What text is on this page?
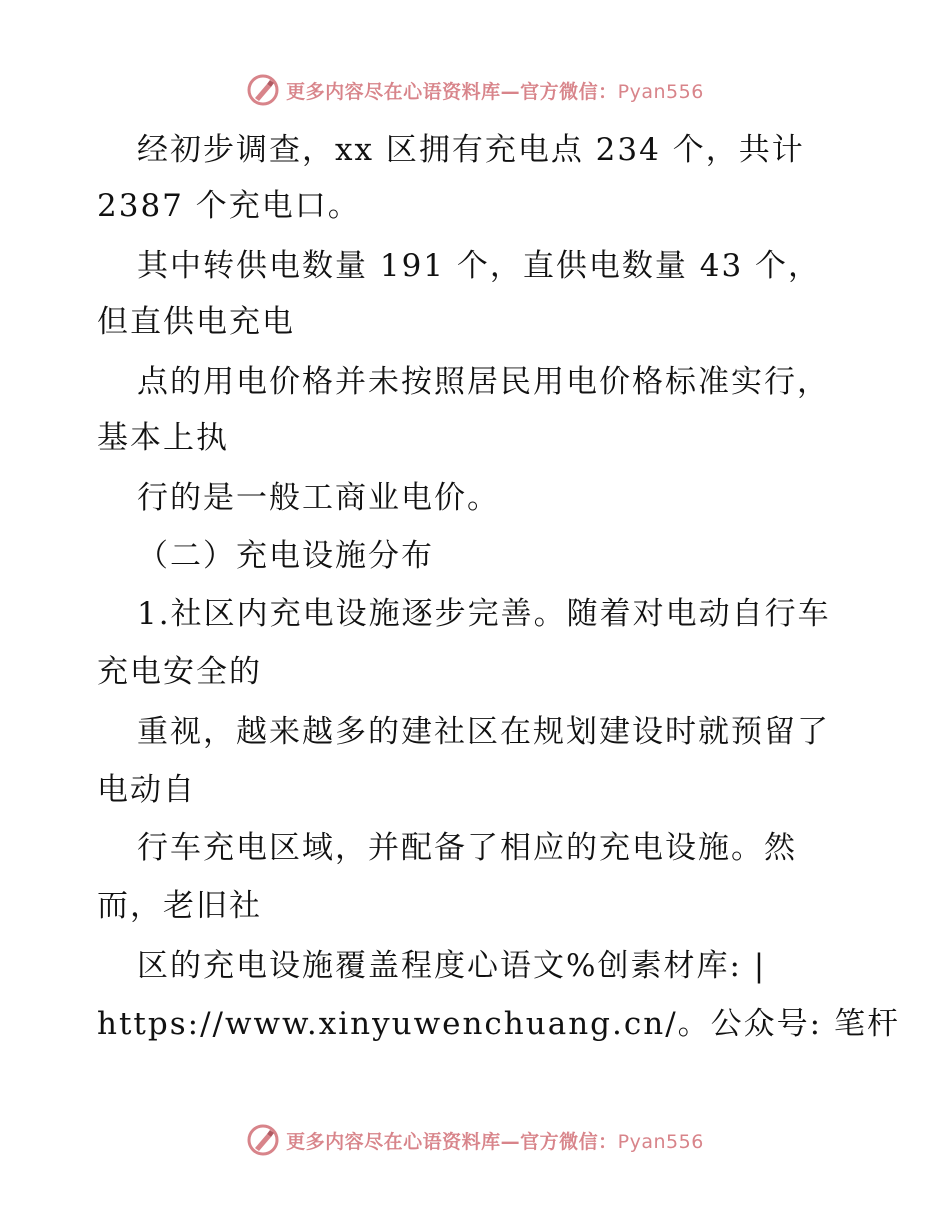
更多内容尽在心语资料库—官方微信：Pyan556
经初步调查，xx 区拥有充电点 234 个，共计
2387 个充电口。
其中转供电数量 191 个，直供电数量 43 个，
但直供电充电
点的用电价格并未按照居民用电价格标准实行，
基本上执
行的是一般工商业电价。
（二）充电设施分布
1.社区内充电设施逐步完善。随着对电动自行车
充电安全的
重视，越来越多的建社区在规划建设时就预留了
电动自
行车充电区域，并配备了相应的充电设施。然
而，老旧社
区的充电设施覆盖程度心语文%创素材库: |
https://www.xinyuwenchuang.cn/。公众号: 笔杆
更多内容尽在心语资料库—官方微信：Pyan556
